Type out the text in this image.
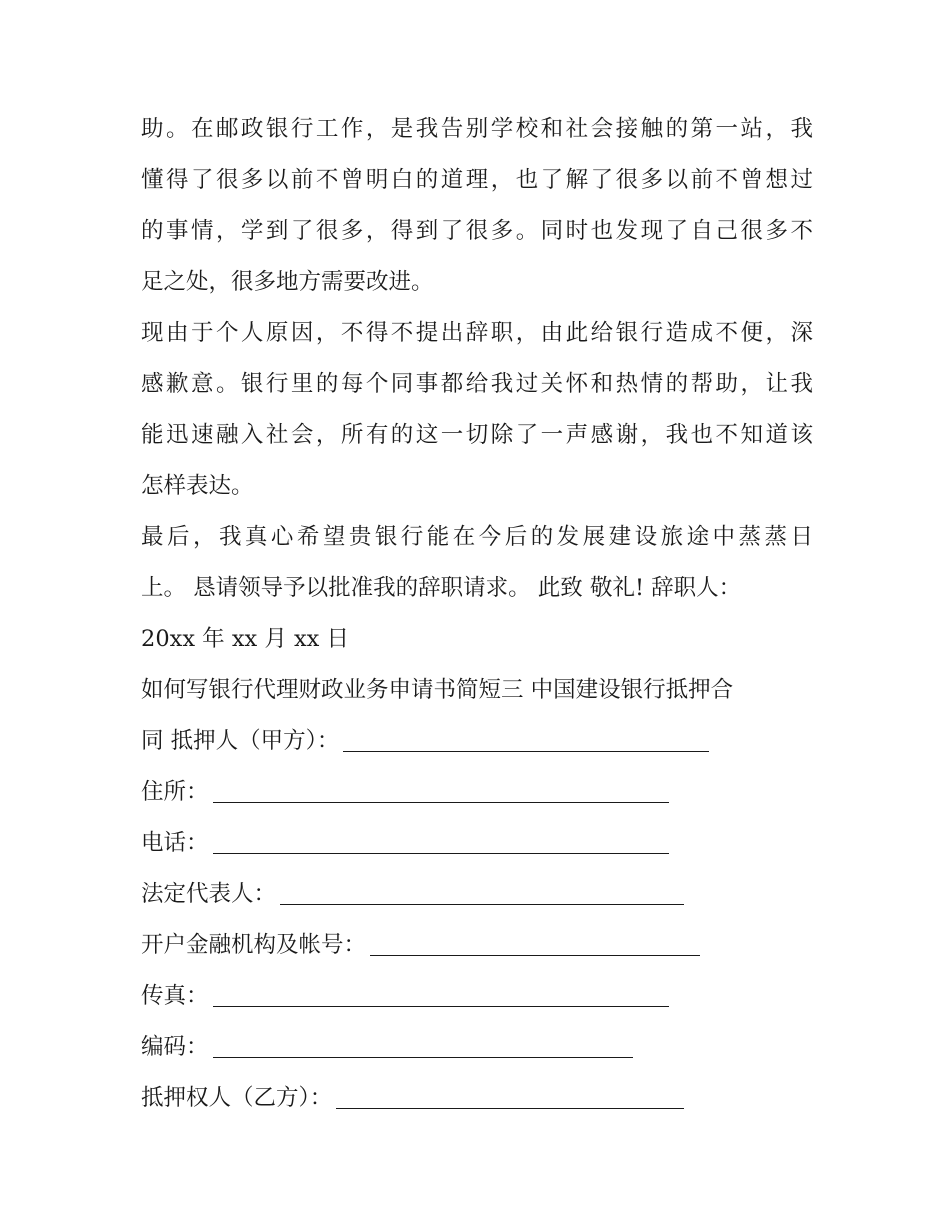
助。在邮政银行工作，是我告别学校和社会接触的第一站，我
懂得了很多以前不曾明白的道理，也了解了很多以前不曾想过
的事情，学到了很多，得到了很多。同时也发现了自己很多不
足之处，很多地方需要改进。
现由于个人原因，不得不提出辞职，由此给银行造成不便，深
感歉意。银行里的每个同事都给我过关怀和热情的帮助，让我
能迅速融入社会，所有的这一切除了一声感谢，我也不知道该
怎样表达。
最后，我真心希望贵银行能在今后的发展建设旅途中蒸蒸日
上。 恳请领导予以批准我的辞职请求。 此致 敬礼! 辞职人：
20xx 年 xx 月 xx 日
如何写银行代理财政业务申请书简短三 中国建设银行抵押合
同 抵押人（甲方）：
住所：
电话：
法定代表人：
开户金融机构及帐号：
传真：
编码：
抵押权人（乙方）：
